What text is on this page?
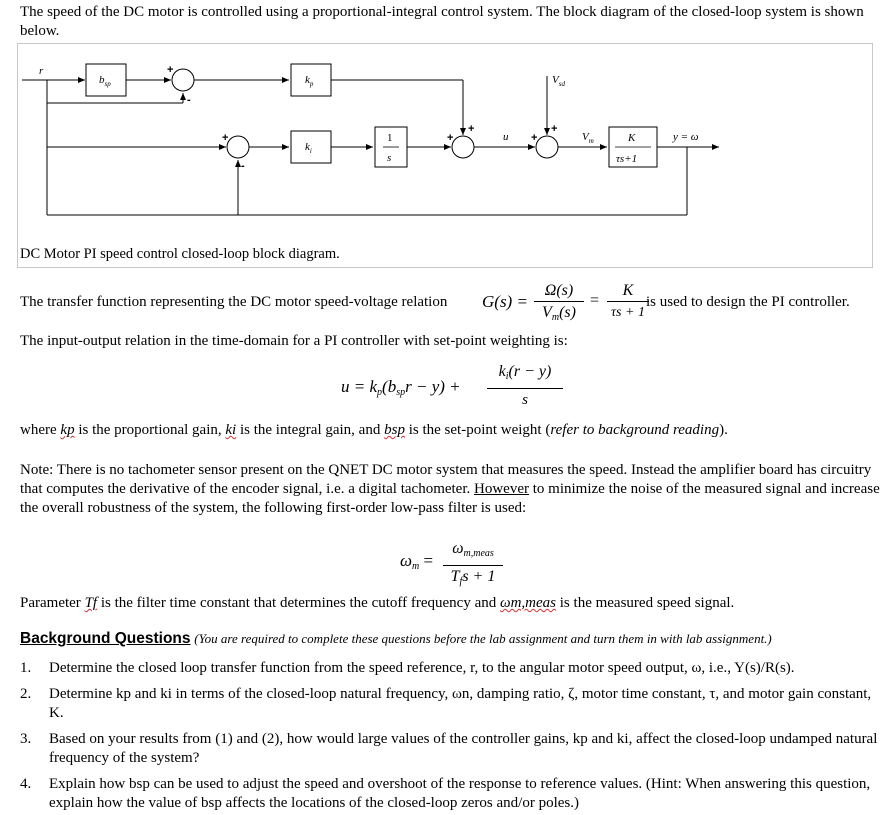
The speed of the DC motor is controlled using a proportional-integral control system. The block diagram of the closed-loop system is shown below.
r
$b_{sp}$	$k_p$
$k_i$
1
s
$V_{sd}$
u	$V_m$	K
τs+1
y = ω
+
-
+
-
+
+
+
+
DC Motor PI speed control closed-loop block diagram.
The transfer function representing the DC motor speed-voltage relation G(s) =
Ω(s)
$V_m(s)$
=
K
τs + 1
is used to design the PI controller.
The input-output relation in the time-domain for a PI controller with set-point weighting is:
$u = k_p(b_{sp}r - y)$ +
$k_i(r - y)$
s
where kp is the proportional gain, ki is the integral gain, and bsp is the set-point weight (refer to background reading).
Note: There is no tachometer sensor present on the QNET DC motor system that measures the speed. Instead the amplifier board has circuitry that computes the derivative of the encoder signal, i.e. a digital tachometer. However to minimize the noise of the measured signal and increase the overall robustness of the system, the following first-order low-pass filter is used:
$\omega_m$ =
$\omega_{m,meas}$
$T_fs + 1$
Parameter Tf is the filter time constant that determines the cutoff frequency and ωm,meas is the measured speed signal.
Background Questions (You are required to complete these questions before the lab assignment and turn them in with lab assignment.)
1. Determine the closed loop transfer function from the speed reference, r, to the angular motor speed output, ω, i.e., Y(s)/R(s).
2. Determine kp and ki in terms of the closed-loop natural frequency, ωn, damping ratio, ζ, motor time constant, τ, and motor gain constant, K.
3. Based on your results from (1) and (2), how would large values of the controller gains, kp and ki, affect the closed-loop undamped natural frequency of the system?
4. Explain how bsp can be used to adjust the speed and overshoot of the response to reference values. (Hint: When answering this question, explain how the value of bsp affects the locations of the closed-loop zeros and/or poles.)
